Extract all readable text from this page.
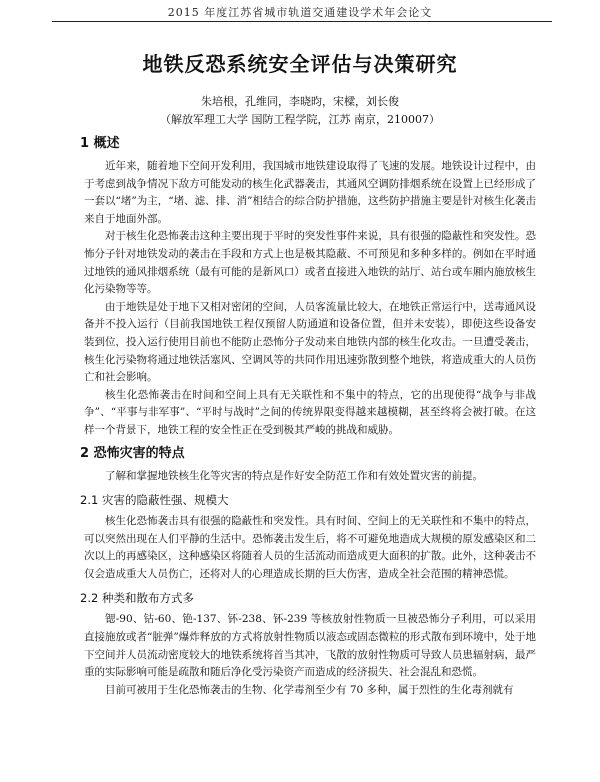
2015 年度江苏省城市轨道交通建设学术年会论文
地铁反恐系统安全评估与决策研究
朱培根，孔维同，李晓昀，宋樑，刘长俊
（解放军理工大学 国防工程学院，江苏 南京，210007）
1 概述

近年来，随着地下空间开发利用，我国城市地铁建设取得了飞速的发展。地铁设计过程中，由于考虑到战争情况下敌方可能发动的核生化武器袭击，其通风空调防排烟系统在设置上已经形成了一套以“堵”为主，“堵、滤、排、消”相结合的综合防护措施，这些防护措施主要是针对核生化袭击来自于地面外部。

对于核生化恐怖袭击这种主要出现于平时的突发性事件来说，具有很强的隐蔽性和突发性。恐怖分子针对地铁发动的袭击在手段和方式上也是极其隐蔽、不可预见和多种多样的。例如在平时通过地铁的通风排烟系统（最有可能的是新风口）或者直接进入地铁的站厅、站台或车厢内施放核生化污染物等等。

由于地铁是处于地下又相对密闭的空间，人员客流量比较大，在地铁正常运行中，送毒通风设备并不投入运行（目前我国地铁工程仅预留人防通道和设备位置，但并未安装），即使这些设备安装到位，投入运行使用目前也不能防止恐怖分子发动来自地铁内部的核生化攻击。一旦遭受袭击，核生化污染物将通过地铁活塞风、空调风等的共同作用迅速弥散到整个地铁，将造成重大的人员伤亡和社会影响。

核生化恐怖袭击在时间和空间上具有无关联性和不集中的特点，它的出现使得“战争与非战争”、“平事与非军事”、“平时与战时”之间的传统界限变得越来越模糊，甚至终将会被打破。在这样一个背景下，地铁工程的安全性正在受到极其严峻的挑战和威胁。

2 恐怖灾害的特点

了解和掌握地铁核生化等灾害的特点是作好安全防范工作和有效处置灾害的前提。

2.1 灾害的隐蔽性强、规模大

核生化恐怖袭击具有很强的隐蔽性和突发性。具有时间、空间上的无关联性和不集中的特点，可以突然出现在人们平静的生活中。恐怖袭击发生后，将不可避免地造成大规模的原发感染区和二次以上的再感染区，这种感染区将随着人员的生活流动而造成更大面积的扩散。此外，这种袭击不仅会造成重大人员伤亡，还将对人的心理造成长期的巨大伤害，造成全社会范围的精神恐慌。

2.2 种类和散布方式多

锶-90、钴-60、铯-137、钚-238、钚-239 等核放射性物质一旦被恐怖分子利用，可以采用直接施放或者“脏弹”爆炸释放的方式将放射性物质以液态或固态微粒的形式散布到环境中，处于地下空间并人员流动密度较大的地铁系统将首当其冲，飞散的放射性物质可导致人员患辐射病，最严重的实际影响可能是疏散和随后净化受污染资产而造成的经济损失、社会混乱和恐慌。

目前可被用于生化恐怖袭击的生物、化学毒剂至少有 70 多种，属于烈性的生化毒剂就有
